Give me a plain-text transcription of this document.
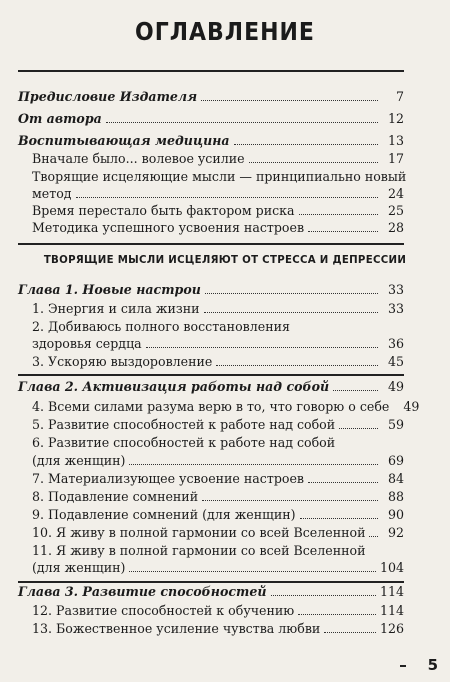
ОГЛАВЛЕНИЕ
Предисловие Издателя	7
От автора	12
Воспитывающая медицина	13
Вначале было... волевое усилие	17
Творящие исцеляющие мысли — принципиально новый
метод	24
Время перестало быть фактором риска	25
Методика успешного усвоения настроев	28
ТВОРЯЩИЕ МЫСЛИ ИСЦЕЛЯЮТ ОТ СТРЕССА И ДЕПРЕССИИ
Глава 1. Новые настрои	33
1. Энергия и сила жизни	33
2. Добиваюсь полного восстановления
здоровья сердца	36
3. Ускоряю выздоровление	45
Глава 2. Активизация работы над собой	49
4. Всеми силами разума верю в то, что говорю о себе	49
5. Развитие способностей к работе над собой	59
6. Развитие способностей к работе над собой
(для женщин)	69
7. Материализующее усвоение настроев	84
8. Подавление сомнений	88
9. Подавление сомнений (для женщин)	90
10. Я живу в полной гармонии со всей Вселенной	92
11. Я живу в полной гармонии со всей Вселенной
(для женщин)	104
Глава 3. Развитие способностей	114
12. Развитие способностей к обучению	114
13. Божественное усиление чувства любви	126
5
